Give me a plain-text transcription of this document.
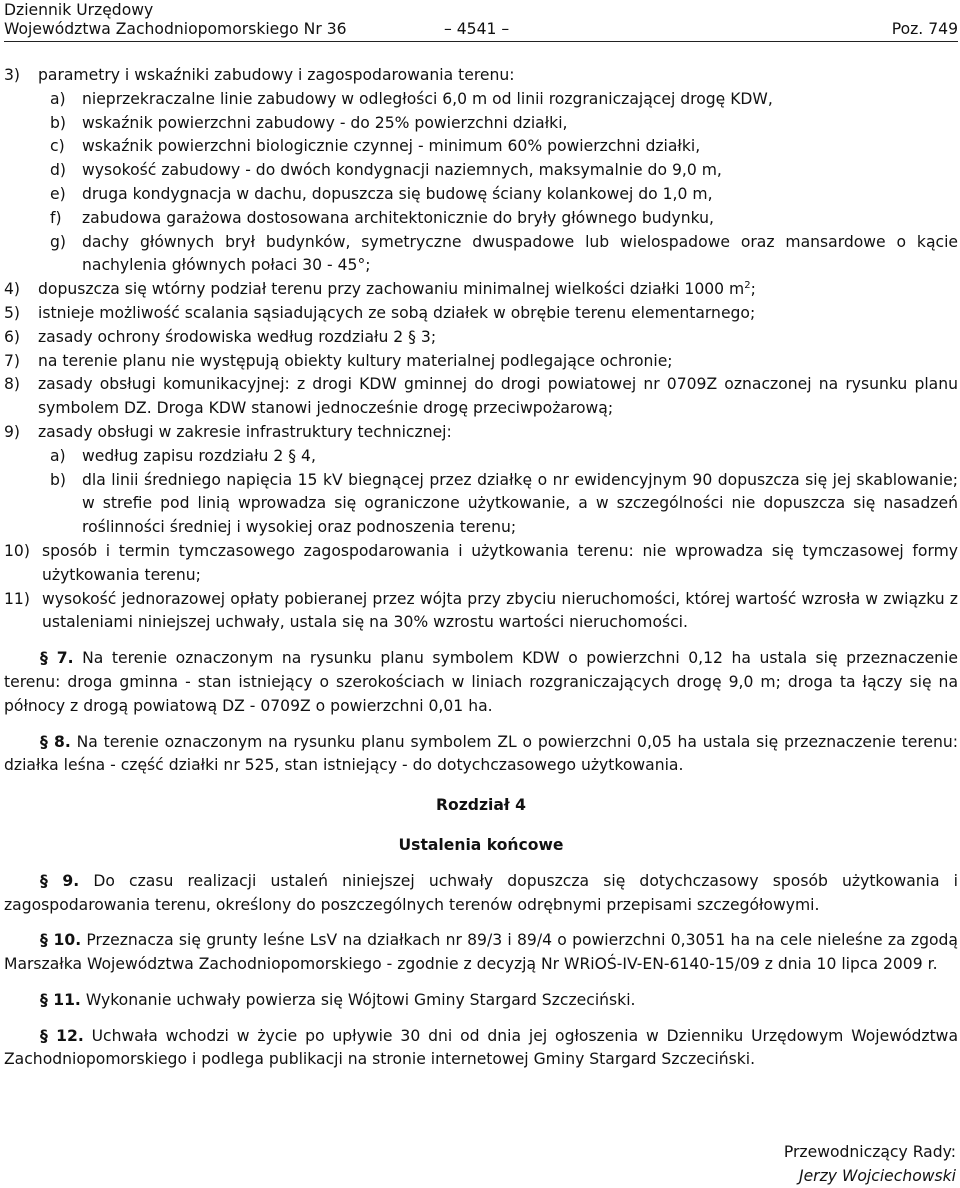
Dziennik Urzędowy
Województwa Zachodniopomorskiego Nr 36	– 4541 –	Poz. 749
3) parametry i wskaźniki zabudowy i zagospodarowania terenu:
a) nieprzekraczalne linie zabudowy w odległości 6,0 m od linii rozgraniczającej drogę KDW,
b) wskaźnik powierzchni zabudowy - do 25% powierzchni działki,
c) wskaźnik powierzchni biologicznie czynnej - minimum 60% powierzchni działki,
d) wysokość zabudowy - do dwóch kondygnacji naziemnych, maksymalnie do 9,0 m,
e) druga kondygnacja w dachu, dopuszcza się budowę ściany kolankowej do 1,0 m,
f) zabudowa garażowa dostosowana architektonicznie do bryły głównego budynku,
g) dachy głównych brył budynków, symetryczne dwuspadowe lub wielospadowe oraz mansardowe o kącie nachylenia głównych połaci 30 - 45°;
4) dopuszcza się wtórny podział terenu przy zachowaniu minimalnej wielkości działki 1000 $m^2$;
5) istnieje możliwość scalania sąsiadujących ze sobą działek w obrębie terenu elementarnego;
6) zasady ochrony środowiska według rozdziału 2 § 3;
7) na terenie planu nie występują obiekty kultury materialnej podlegające ochronie;
8) zasady obsługi komunikacyjnej: z drogi KDW gminnej do drogi powiatowej nr 0709Z oznaczonej na rysunku planu symbolem DZ. Droga KDW stanowi jednocześnie drogę przeciwpożarową;
9) zasady obsługi w zakresie infrastruktury technicznej:
a) według zapisu rozdziału 2 § 4,
b) dla linii średniego napięcia 15 kV biegnącej przez działkę o nr ewidencyjnym 90 dopuszcza się jej skablowanie; w strefie pod linią wprowadza się ograniczone użytkowanie, a w szczególności nie dopuszcza się nasadzeń roślinności średniej i wysokiej oraz podnoszenia terenu;
10) sposób i termin tymczasowego zagospodarowania i użytkowania terenu: nie wprowadza się tymczasowej formy użytkowania terenu;
11) wysokość jednorazowej opłaty pobieranej przez wójta przy zbyciu nieruchomości, której wartość wzrosła w związku z ustaleniami niniejszej uchwały, ustala się na 30% wzrostu wartości nieruchomości.
§ 7. Na terenie oznaczonym na rysunku planu symbolem KDW o powierzchni 0,12 ha ustala się przeznaczenie terenu: droga gminna - stan istniejący o szerokościach w liniach rozgraniczających drogę 9,0 m; droga ta łączy się na północy z drogą powiatową DZ - 0709Z o powierzchni 0,01 ha.
§ 8. Na terenie oznaczonym na rysunku planu symbolem ZL o powierzchni 0,05 ha ustala się przeznaczenie terenu: działka leśna - część działki nr 525, stan istniejący - do dotychczasowego użytkowania.
Rozdział 4
Ustalenia końcowe
§ 9. Do czasu realizacji ustaleń niniejszej uchwały dopuszcza się dotychczasowy sposób użytkowania i zagospodarowania terenu, określony do poszczególnych terenów odrębnymi przepisami szczegółowymi.
§ 10. Przeznacza się grunty leśne LsV na działkach nr 89/3 i 89/4 o powierzchni 0,3051 ha na cele nieleśne za zgodą Marszałka Województwa Zachodniopomorskiego - zgodnie z decyzją Nr WRiOŚ-IV-EN-6140-15/09 z dnia 10 lipca 2009 r.
§ 11. Wykonanie uchwały powierza się Wójtowi Gminy Stargard Szczeciński.
§ 12. Uchwała wchodzi w życie po upływie 30 dni od dnia jej ogłoszenia w Dzienniku Urzędowym Województwa Zachodniopomorskiego i podlega publikacji na stronie internetowej Gminy Stargard Szczeciński.
Przewodniczący Rady:
Jerzy Wojciechowski
